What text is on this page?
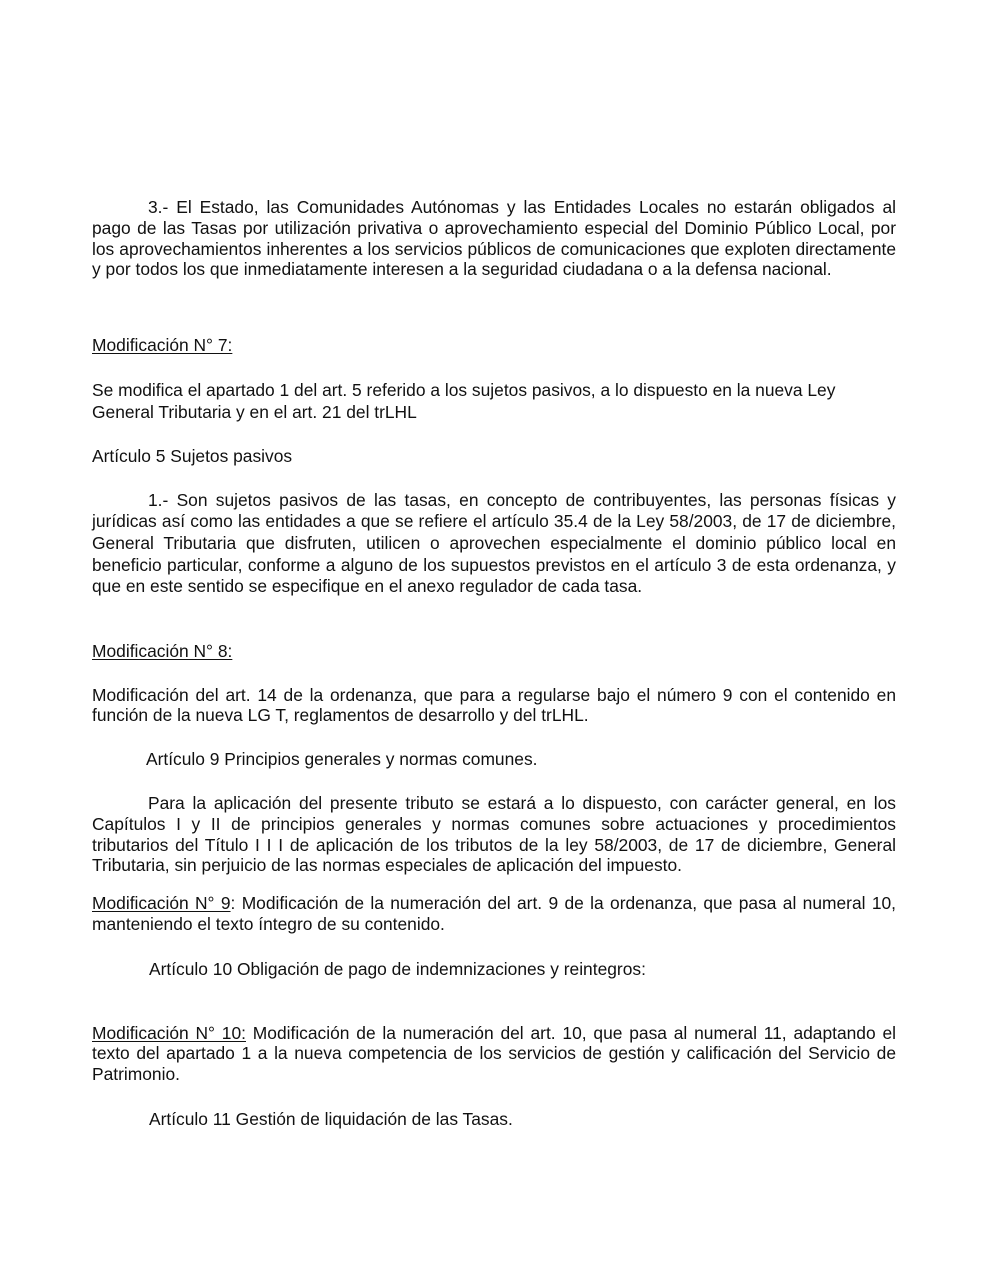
3.- El Estado, las Comunidades Autónomas y las Entidades Locales no estarán obligados al pago de las Tasas por utilización privativa o aprovechamiento especial del Dominio Público Local, por los aprovechamientos inherentes a los servicios públicos de comunicaciones que exploten directamente y por todos los que inmediatamente interesen a la seguridad ciudadana o a la defensa nacional.

Modificación N° 7:

Se modifica el apartado 1 del art. 5 referido a los sujetos pasivos, a lo dispuesto en la nueva Ley General Tributaria y en el art. 21 del trLHL

Artículo 5 Sujetos pasivos

1.- Son sujetos pasivos de las tasas, en concepto de contribuyentes, las personas físicas y jurídicas así como las entidades a que se refiere el artículo 35.4 de la Ley 58/2003, de 17 de diciembre, General Tributaria que disfruten, utilicen o aprovechen especialmente el dominio público local en beneficio particular, conforme a alguno de los supuestos previstos en el artículo 3 de esta ordenanza, y que en este sentido se especifique en el anexo regulador de cada tasa.

Modificación N° 8:

Modificación del art. 14 de la ordenanza, que para a regularse bajo el número 9 con el contenido en función de la nueva LG T, reglamentos de desarrollo y del trLHL.

Artículo 9 Principios generales y normas comunes.

Para la aplicación del presente tributo se estará a lo dispuesto, con carácter general, en los Capítulos I y II de principios generales y normas comunes sobre actuaciones y procedimientos tributarios del Título I I I de aplicación de los tributos de la ley 58/2003, de 17 de diciembre, General Tributaria, sin perjuicio de las normas especiales de aplicación del impuesto.

Modificación N° 9: Modificación de la numeración del art. 9 de la ordenanza, que pasa al numeral 10, manteniendo el texto íntegro de su contenido.

Artículo 10 Obligación de pago de indemnizaciones y reintegros:

Modificación N° 10: Modificación de la numeración del art. 10, que pasa al numeral 11, adaptando el texto del apartado 1 a la nueva competencia de los servicios de gestión y calificación del Servicio de Patrimonio.

Artículo 11 Gestión de liquidación de las Tasas.
